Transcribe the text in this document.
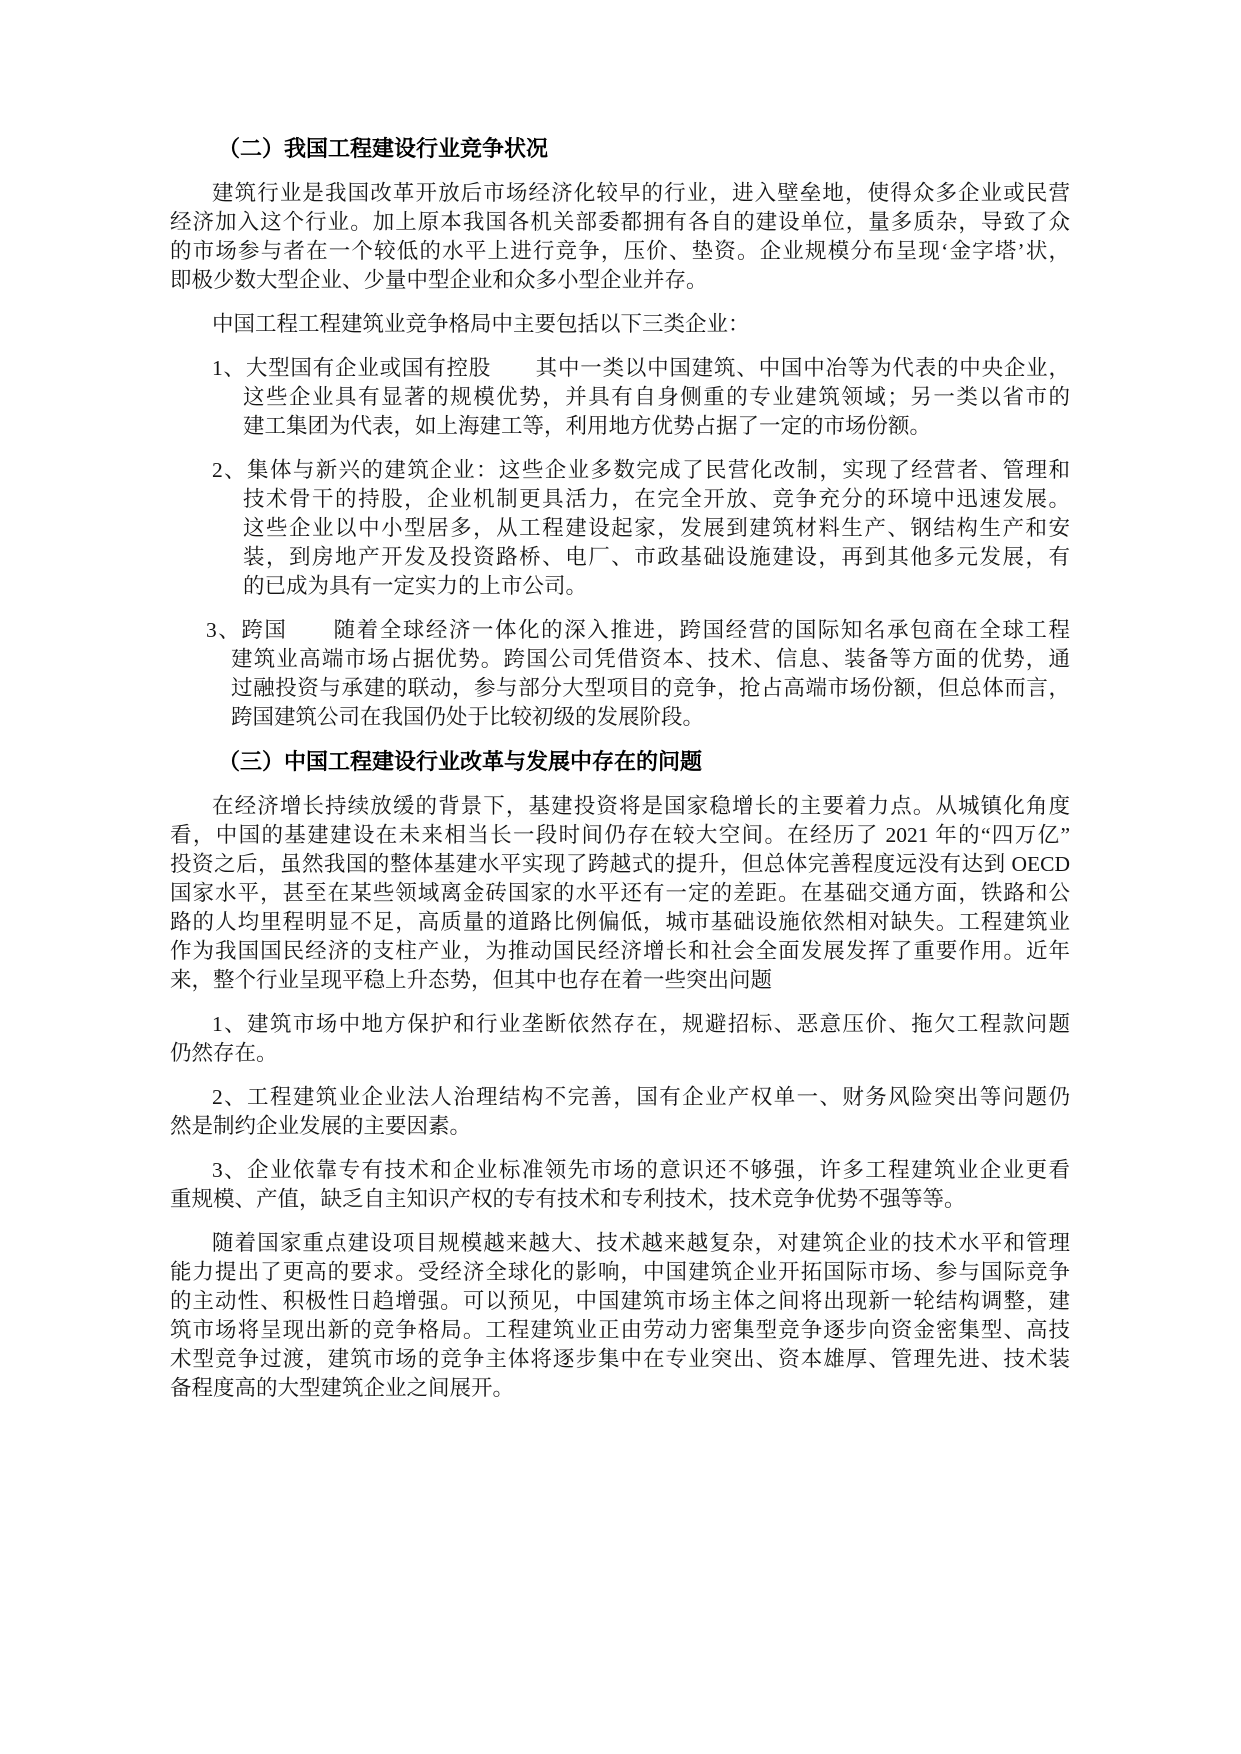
（二）我国工程建设行业竞争状况
建筑行业是我国改革开放后市场经济化较早的行业，进入壁垒地，使得众多企业或民营
经济加入这个行业。加上原本我国各机关部委都拥有各自的建设单位，量多质杂，导致了众
的市场参与者在一个较低的水平上进行竞争，压价、垫资。企业规模分布呈现‘金字塔’状，
即极少数大型企业、少量中型企业和众多小型企业并存。
中国工程工程建筑业竞争格局中主要包括以下三类企业：
1、大型国有企业或国有控股　　其中一类以中国建筑、中国中冶等为代表的中央企业，
这些企业具有显著的规模优势，并具有自身侧重的专业建筑领域；另一类以省市的
建工集团为代表，如上海建工等，利用地方优势占据了一定的市场份额。
2、集体与新兴的建筑企业：这些企业多数完成了民营化改制，实现了经营者、管理和
技术骨干的持股，企业机制更具活力，在完全开放、竞争充分的环境中迅速发展。
这些企业以中小型居多，从工程建设起家，发展到建筑材料生产、钢结构生产和安
装，到房地产开发及投资路桥、电厂、市政基础设施建设，再到其他多元发展，有
的已成为具有一定实力的上市公司。
3、跨国　　随着全球经济一体化的深入推进，跨国经营的国际知名承包商在全球工程
建筑业高端市场占据优势。跨国公司凭借资本、技术、信息、装备等方面的优势，通
过融投资与承建的联动，参与部分大型项目的竞争，抢占高端市场份额，但总体而言，
跨国建筑公司在我国仍处于比较初级的发展阶段。
（三）中国工程建设行业改革与发展中存在的问题
在经济增长持续放缓的背景下，基建投资将是国家稳增长的主要着力点。从城镇化角度
看，中国的基建建设在未来相当长一段时间仍存在较大空间。在经历了 2021 年的“四万亿”
投资之后，虽然我国的整体基建水平实现了跨越式的提升，但总体完善程度远没有达到 OECD
国家水平，甚至在某些领域离金砖国家的水平还有一定的差距。在基础交通方面，铁路和公
路的人均里程明显不足，高质量的道路比例偏低，城市基础设施依然相对缺失。工程建筑业
作为我国国民经济的支柱产业，为推动国民经济增长和社会全面发展发挥了重要作用。近年
来，整个行业呈现平稳上升态势，但其中也存在着一些突出问题
1、建筑市场中地方保护和行业垄断依然存在，规避招标、恶意压价、拖欠工程款问题
仍然存在。
2、工程建筑业企业法人治理结构不完善，国有企业产权单一、财务风险突出等问题仍
然是制约企业发展的主要因素。
3、企业依靠专有技术和企业标准领先市场的意识还不够强，许多工程建筑业企业更看
重规模、产值，缺乏自主知识产权的专有技术和专利技术，技术竞争优势不强等等。
随着国家重点建设项目规模越来越大、技术越来越复杂，对建筑企业的技术水平和管理
能力提出了更高的要求。受经济全球化的影响，中国建筑企业开拓国际市场、参与国际竞争
的主动性、积极性日趋增强。可以预见，中国建筑市场主体之间将出现新一轮结构调整，建
筑市场将呈现出新的竞争格局。工程建筑业正由劳动力密集型竞争逐步向资金密集型、高技
术型竞争过渡，建筑市场的竞争主体将逐步集中在专业突出、资本雄厚、管理先进、技术装
备程度高的大型建筑企业之间展开。
